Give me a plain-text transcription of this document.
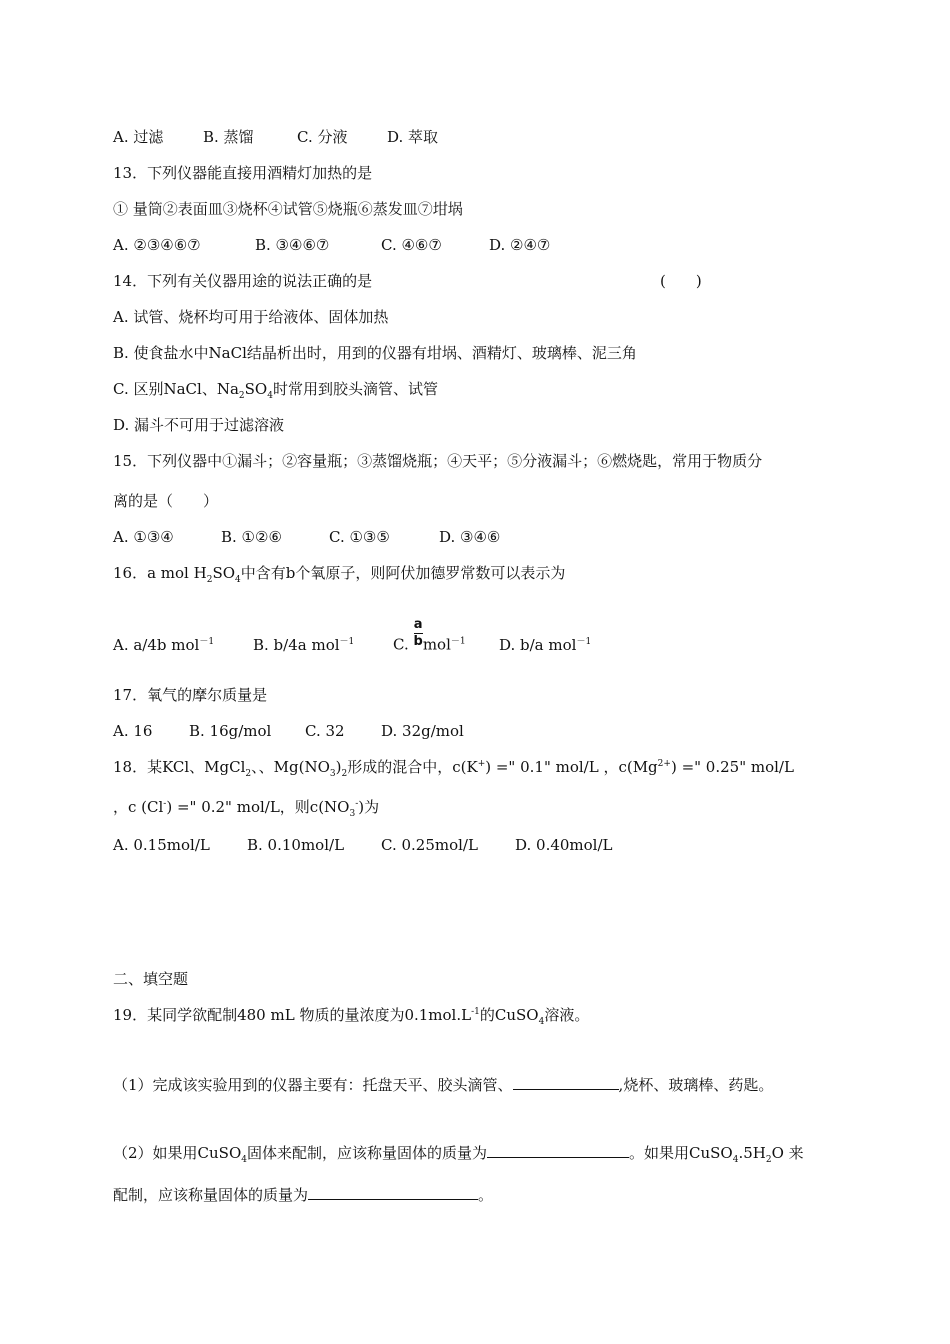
A. 过滤	B. 蒸馏	C. 分液	D. 萃取
13．下列仪器能直接用酒精灯加热的是
① 量筒②表面皿③烧杯④试管⑤烧瓶⑥蒸发皿⑦坩埚
A. ②③④⑥⑦	B. ③④⑥⑦	C. ④⑥⑦	D. ②④⑦
14．下列有关仪器用途的说法正确的是	(　　)
A. 试管、烧杯均可用于给液体、固体加热
B. 使食盐水中NaCl结晶析出时，用到的仪器有坩埚、酒精灯、玻璃棒、泥三角
C. 区别NaCl、$Na_2SO_4$时常用到胶头滴管、试管
D. 漏斗不可用于过滤溶液
15．下列仪器中①漏斗；②容量瓶；③蒸馏烧瓶；④天平；⑤分液漏斗；⑥燃烧匙，常用于物质分
离的是（　　）
A. ①③④	B. ①②⑥	C. ①③⑤	D. ③④⑥
16．a mol $H_2SO_4$中含有b个氧原子，则阿伏加德罗常数可以表示为
A. a/4b mol$^{-1}$	B. b/4a mol$^{-1}$	C. $\frac{a}{b} mol^{-1}$ D. b/a mol$^{-1}$
17．氧气的摩尔质量是
A. 16 B. 16g/mol C. 32 D. 32g/mol
18．某KCl、MgCl$_2$、、$Mg(NO_3)_2$形成的混合中，c(K+) =" 0.1" mol/L ，$c(Mg^{2+})$ =" 0.25" mol/L
，c (Cl-) =" 0.2" mol/L，则$c(NO_3^-)$为
A. 0.15mol/L B. 0.10mol/L C. 0.25mol/L D. 0.40mol/L
二、填空题
19．某同学欲配制480 mL 物质的量浓度为$0.1mol.L^{-1}$的CuSO$_4$溶液。
（1）完成该实验用到的仪器主要有：托盘天平、胶头滴管、	,烧杯、玻璃棒、药匙。
（2）如果用CuSO$_4$固体来配制，应该称量固体的质量为	。如果用$CuSO_4.5H_2O$ 来
配制，应该称量固体的质量为	。
